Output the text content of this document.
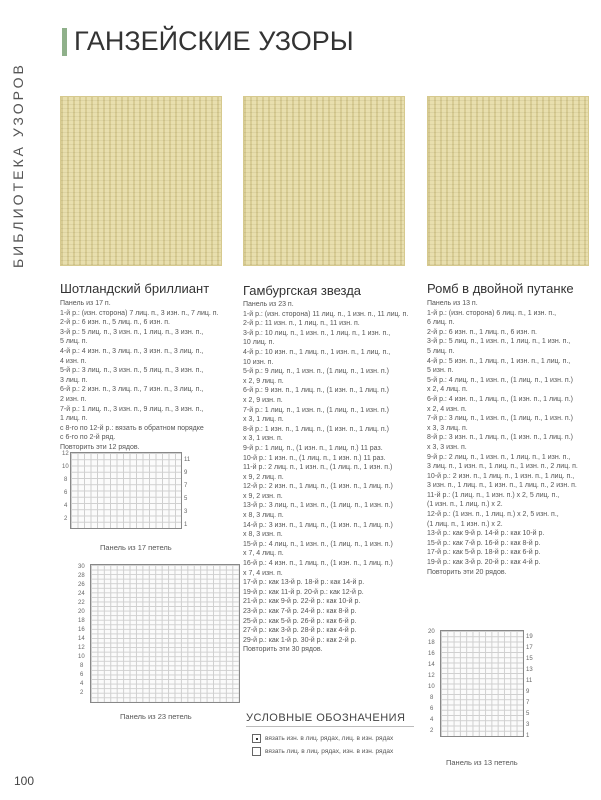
БИБЛИОТЕКА УЗОРОВ
ГАНЗЕЙСКИЕ УЗОРЫ
Шотландский бриллиант	Гамбургская звезда	Ромб в двойной путанке
Панель из 17 п.
1-й р.: (изн. сторона) 7 лиц. п., 3 изн. п., 7 лиц. п.
2-й р.: 6 изн. п., 5 лиц. п., 6 изн. п.
3-й р.: 5 лиц. п., 3 изн. п., 1 лиц. п., 3 изн. п.,
5 лиц. п.
4-й р.: 4 изн. п., 3 лиц. п., 3 изн. п., 3 лиц. п.,
4 изн. п.
5-й р.: 3 лиц. п., 3 изн. п., 5 лиц. п., 3 изн. п.,
3 лиц. п.
6-й р.: 2 изн. п., 3 лиц. п., 7 изн. п., 3 лиц. п.,
2 изн. п.
7-й р.: 1 лиц. п., 3 изн. п., 9 лиц. п., 3 изн. п.,
1 лиц. п.
с 8-го по 12-й р.: вязать в обратном порядке
с 6-го по 2-й ряд.
Повторить эти 12 рядов.
Панель из 23 п.
1-й р.: (изн. сторона) 11 лиц. п., 1 изн. п., 11 лиц. п.
2-й р.: 11 изн. п., 1 лиц. п., 11 изн. п.
3-й р.: 10 лиц. п., 1 изн. п., 1 лиц. п., 1 изн. п.,
10 лиц. п.
4-й р.: 10 изн. п., 1 лиц. п., 1 изн. п., 1 лиц. п.,
10 изн. п.
5-й р.: 9 лиц. п., 1 изн. п., (1 лиц. п., 1 изн. п.)
х 2, 9 лиц. п.
6-й р.: 9 изн. п., 1 лиц. п., (1 изн. п., 1 лиц. п.)
х 2, 9 изн. п.
7-й р.: 1 лиц. п., 1 изн. п., (1 лиц. п., 1 изн. п.)
х 3, 1 лиц. п.
8-й р.: 1 изн. п., 1 лиц. п., (1 изн. п., 1 лиц. п.)
х 3, 1 изн. п.
9-й р.: 1 лиц. п., (1 изн. п., 1 лиц. п.) 11 раз.
10-й р.: 1 изн. п., (1 лиц. п., 1 изн. п.) 11 раз.
11-й р.: 2 лиц. п., 1 изн. п., (1 лиц. п., 1 изн. п.)
х 9, 2 лиц. п.
12-й р.: 2 изн. п., 1 лиц. п., (1 изн. п., 1 лиц. п.)
х 9, 2 изн. п.
13-й р.: 3 лиц. п., 1 изн. п., (1 лиц. п., 1 изн. п.)
х 8, 3 лиц. п.
14-й р.: 3 изн. п., 1 лиц. п., (1 изн. п., 1 лиц. п.)
х 8, 3 изн. п.
15-й р.: 4 лиц. п., 1 изн. п., (1 лиц. п., 1 изн. п.)
х 7, 4 лиц. п.
16-й р.: 4 изн. п., 1 лиц. п., (1 изн. п., 1 лиц. п.)
х 7, 4 изн. п.
17-й р.: как 13-й р. 18-й р.: как 14-й р.
19-й р.: как 11-й р. 20-й р.: как 12-й р.
21-й р.: как 9-й р. 22-й р.: как 10-й р.
23-й р.: как 7-й р. 24-й р.: как 8-й р.
25-й р.: как 5-й р. 26-й р.: как 6-й р.
27-й р.: как 3-й р. 28-й р.: как 4-й р.
29-й р.: как 1-й р. 30-й р.: как 2-й р.
Повторить эти 30 рядов.
Панель из 13 п.
1-й р.: (изн. сторона) 6 лиц. п., 1 изн. п.,
6 лиц. п.
2-й р.: 6 изн. п., 1 лиц. п., 6 изн. п.
3-й р.: 5 лиц. п., 1 изн. п., 1 лиц. п., 1 изн. п.,
5 лиц. п.
4-й р.: 5 изн. п., 1 лиц. п., 1 изн. п., 1 лиц. п.,
5 изн. п.
5-й р.: 4 лиц. п., 1 изн. п., (1 лиц. п., 1 изн. п.)
х 2, 4 лиц. п.
6-й р.: 4 изн. п., 1 лиц. п., (1 изн. п., 1 лиц. п.)
х 2, 4 изн. п.
7-й р.: 3 лиц. п., 1 изн. п., (1 лиц. п., 1 изн. п.)
х 3, 3 лиц. п.
8-й р.: 3 изн. п., 1 лиц. п., (1 изн. п., 1 лиц. п.)
х 3, 3 изн. п.
9-й р.: 2 лиц. п., 1 изн. п., 1 лиц. п., 1 изн. п.,
3 лиц. п., 1 изн. п., 1 лиц. п., 1 изн. п., 2 лиц. п.
10-й р.: 2 изн. п., 1 лиц. п., 1 изн. п., 1 лиц. п.,
3 изн. п., 1 лиц. п., 1 изн. п., 1 лиц. п., 2 изн. п.
11-й р.: (1 лиц. п., 1 изн. п.) х 2, 5 лиц. п.,
(1 изн. п., 1 лиц. п.) х 2.
12-й р.: (1 изн. п., 1 лиц. п.) х 2, 5 изн. п.,
(1 лиц. п., 1 изн. п.) х 2.
13-й р.: как 9-й р. 14-й р.: как 10-й р.
15-й р.: как 7-й р. 16-й р.: как 8-й р.
17-й р.: как 5-й р. 18-й р.: как 6-й р.
19-й р.: как 3-й р. 20-й р.: как 4-й р.
Повторить эти 20 рядов.
12
10
8
6
4
2
11
9
7
5
3
1
Панель из 17 петель
30
28
26
24
22
20
18
16
14
12
10
8
6
4
2
Панель из 23 петель
20
18
16
14
12
10
8
6
4
2
19
17
15
13
11
9
7
5
3
1
Панель из 13 петель
УСЛОВНЫЕ ОБОЗНАЧЕНИЯ
вязать изн. в лиц. рядах, лиц. в изн. рядах
вязать лиц. в лиц. рядах, изн. в изн. рядах
100
